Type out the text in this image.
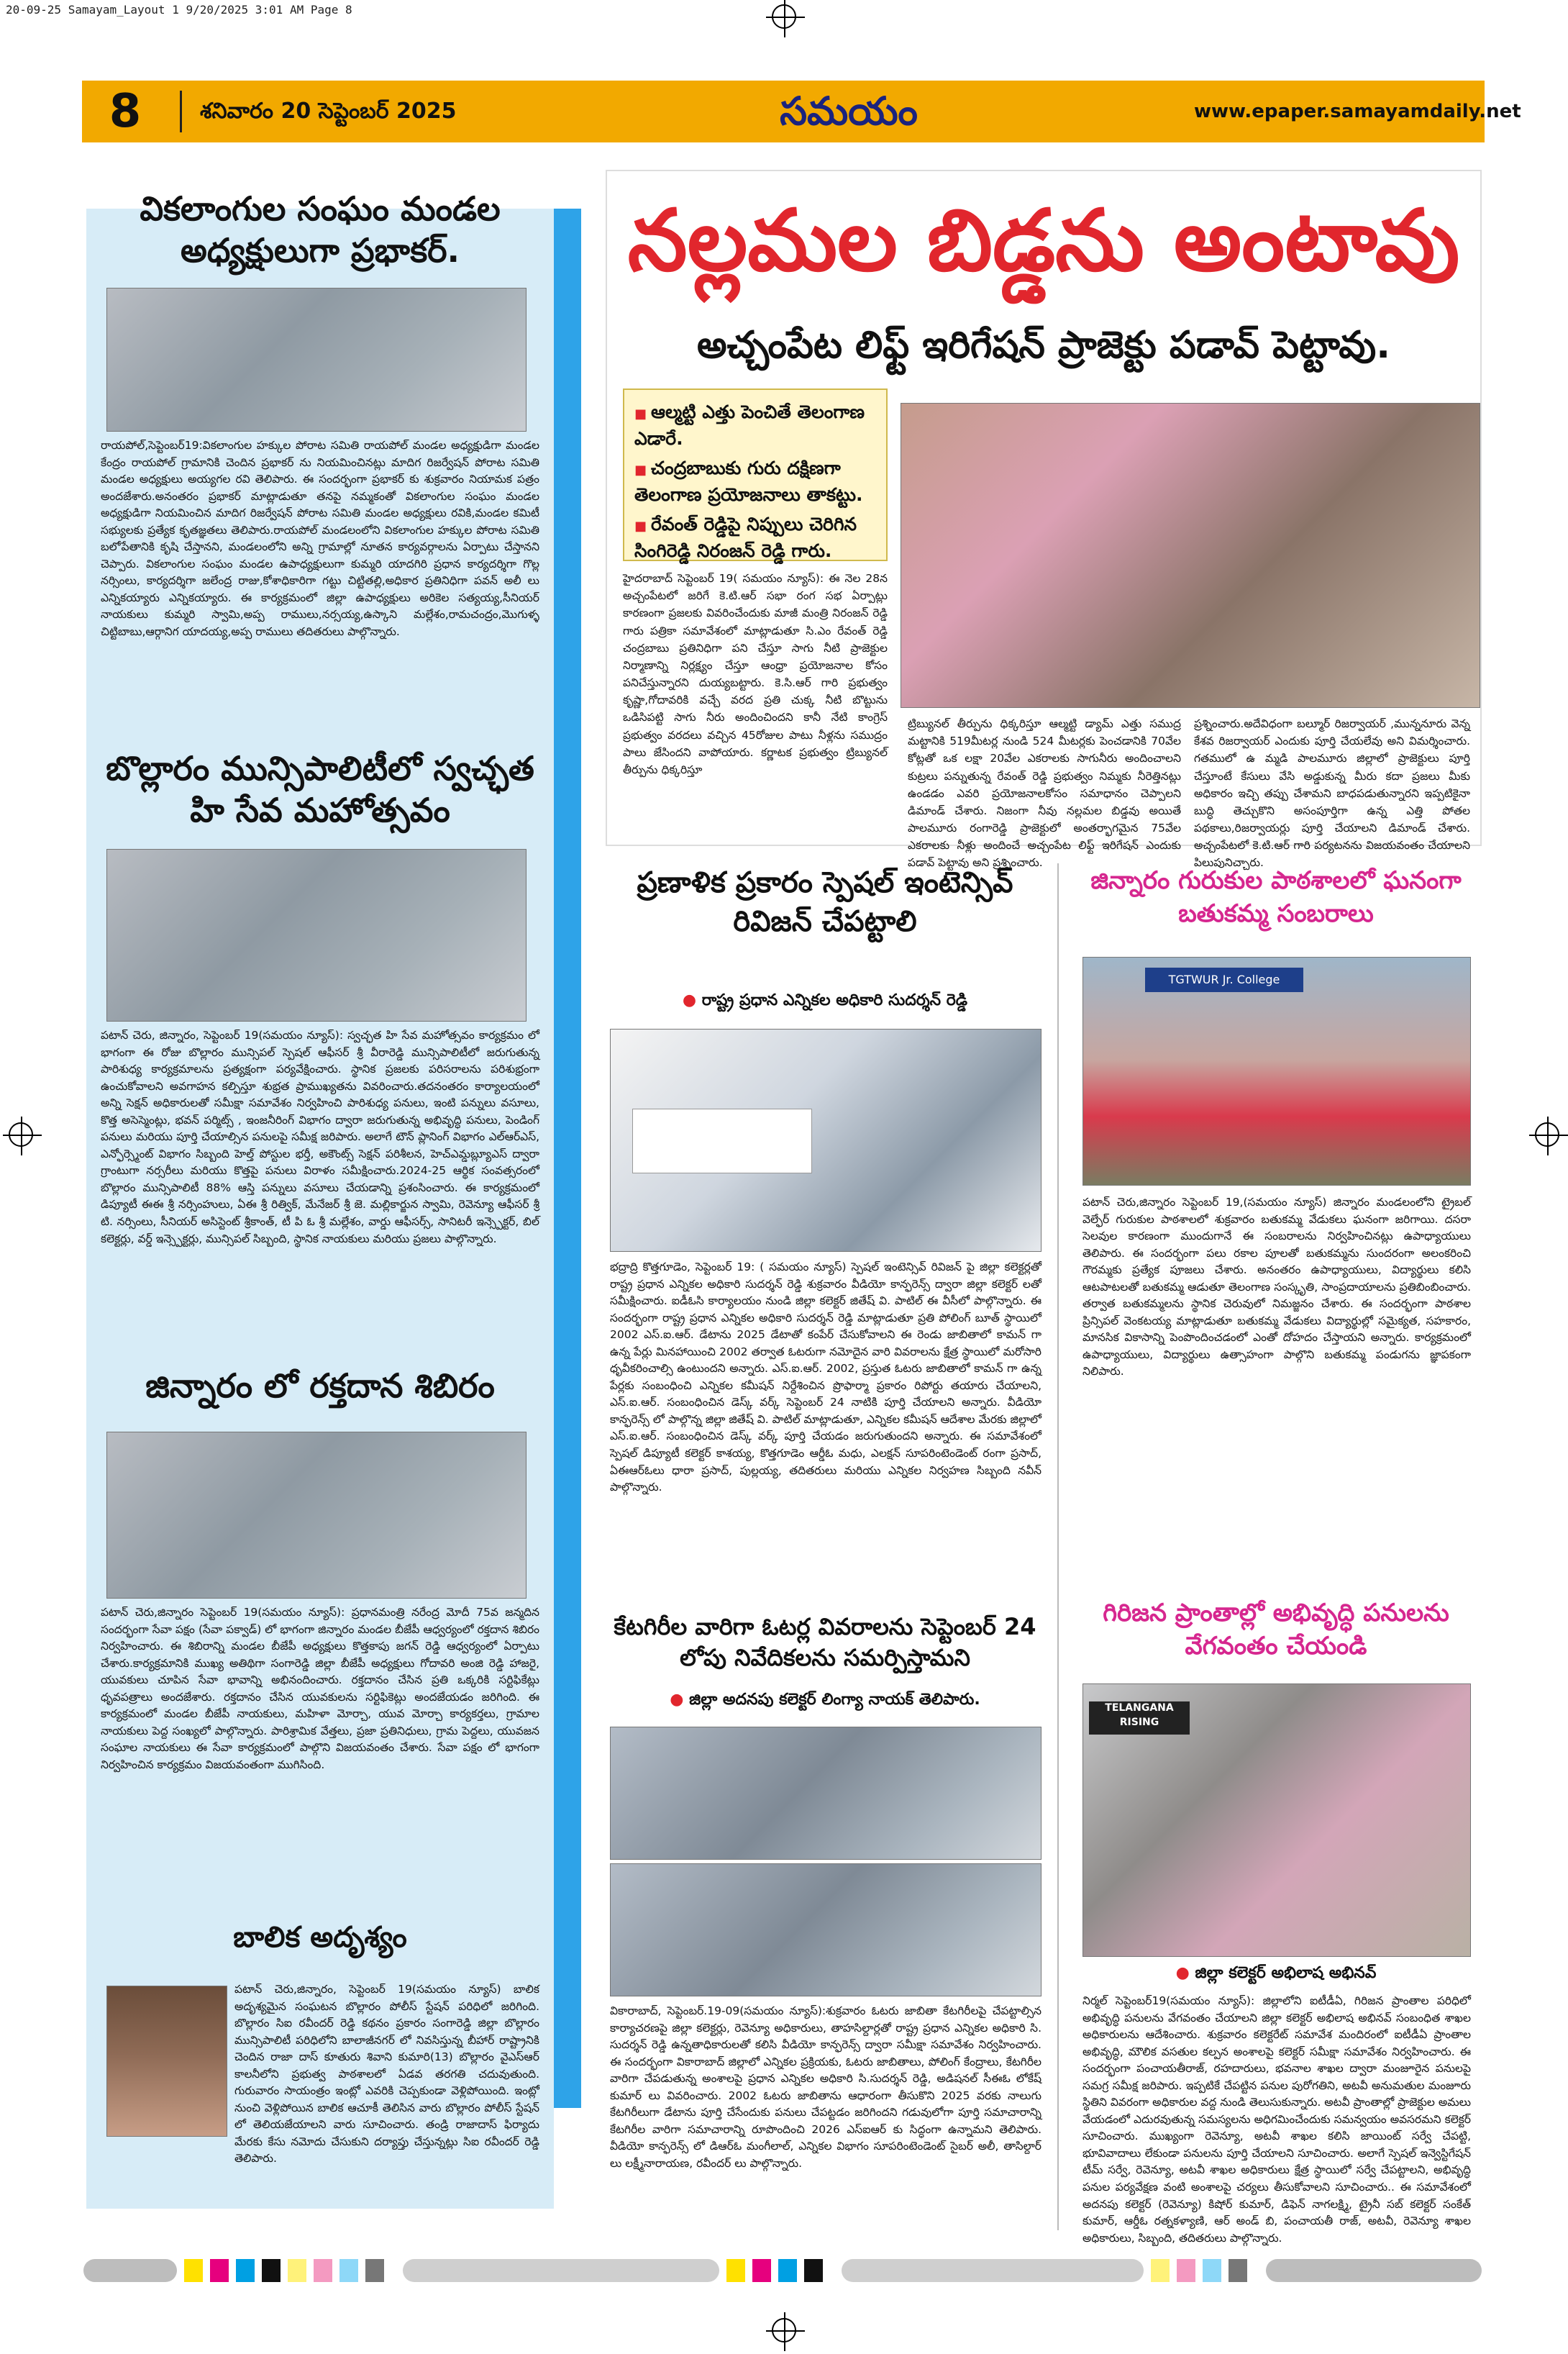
20-09-25 Samayam_Layout 1 9/20/2025 3:01 AM Page 8
8	శనివారం 20 సెప్టెంబర్ 2025	సమయం	www.epaper.samayamdaily.net
వికలాంగుల సంఘం మండల అధ్యక్షులుగా ప్రభాకర్.
రాయపోల్,సెప్టెంబర్19:వికలాంగుల హక్కుల పోరాట సమితి రాయపోల్ మండల అధ్యక్షుడిగా మండల కేంద్రం రాయపోల్ గ్రామానికి చెందిన ప్రభాకర్ ను నియమించినట్లు మాదిగ రిజర్వేషన్ పోరాట సమితి మండల అధ్యక్షులు అయ్యగల రవి తెలిపారు. ఈ సందర్భంగా ప్రభాకర్ కు శుక్రవారం నియామక పత్రం అందజేశారు.అనంతరం ప్రభాకర్ మాట్లాడుతూ తనపై నమ్మకంతో వికలాంగుల సంఘం మండల అధ్యక్షుడిగా నియమించిన మాదిగ రిజర్వేషన్ పోరాట సమితి మండల అధ్యక్షులు రవికి,మండల కమిటీ సభ్యులకు ప్రత్యేక కృతజ్ఞతలు తెలిపారు.రాయపోల్ మండలంలోని వికలాంగుల హక్కుల పోరాట సమితి బలోపేతానికి కృషి చేస్తానని, మండలంలోని అన్ని గ్రామాల్లో నూతన కార్యవర్గాలను ఏర్పాటు చేస్తానని చెప్పారు. వికలాంగుల సంఘం మండల ఉపాధ్యక్షులుగా కుమ్మరి యాదగిరి ప్రధాన కార్యదర్శిగా గొల్ల నర్సింలు, కార్యదర్శిగా జలేంద్ర రాజు,కోశాధికారిగా గట్టు చిట్టితల్లి,అధికార ప్రతినిధిగా పవన్ అలీ లు ఎన్నికయ్యారు ఎన్నికయ్యారు. ఈ కార్యక్రమంలో జిల్లా ఉపాధ్యక్షులు అరికెల సత్యయ్య,సీనియర్ నాయకులు కుమ్మరి స్వామి,అప్ప రాములు,నర్సయ్య,ఉస్కాని మల్లేశం,రామచంద్రం,మొగుళ్ళ చిట్టిబాబు,ఆర్గానిగ యాదయ్య,అప్ప రాములు తదితరులు పాల్గొన్నారు.
బొల్లారం మున్సిపాలిటీలో స్వచ్ఛత హి సేవ మహోత్సవం
పటాన్ చెరు, జిన్నారం, సెప్టెంబర్ 19(సమయం న్యూస్): స్వచ్ఛత హి సేవ మహోత్సవం కార్యక్రమం లో భాగంగా ఈ రోజు బొల్లారం మున్సిపల్ స్పెషల్ ఆఫీసర్ శ్రీ వీరారెడ్డి మున్సిపాలిటీలో జరుగుతున్న పారిశుధ్య కార్యక్రమాలను ప్రత్యక్షంగా పర్యవేక్షించారు. స్థానిక ప్రజలకు పరిసరాలను పరిశుభ్రంగా ఉంచుకోవాలని అవగాహన కల్పిస్తూ శుభ్రత ప్రాముఖ్యతను వివరించారు.తదనంతరం కార్యాలయంలో అన్ని సెక్షన్ అధికారులతో సమీక్షా సమావేశం నిర్వహించి పారిశుధ్య పనులు, ఇంటి పన్నులు వసూలు, కొత్త అసెస్మెంట్లు, భవన్ పర్మిట్స్ , ఇంజనీరింగ్ విభాగం ద్వారా జరుగుతున్న అభివృద్ధి పనులు, పెండింగ్ పనులు మరియు పూర్తి చేయాల్సిన పనులపై సమీక్ష జరిపారు. అలాగే టౌన్ ప్లానింగ్ విభాగం ఎల్ఆర్ఎస్, ఎన్ఫోర్స్మెంట్ విభాగం సిబ్బంది హెల్త్ పోస్టుల భర్తీ, అకౌంట్స్ సెక్షన్ పరిశీలన, హెచ్ఎమ్డబ్ల్యూఎస్ ద్వారా గ్రాంటుగా నర్సరీలు మరియు కొత్తపై పనులు విరాళం సమీక్షించారు.2024-25 ఆర్థిక సంవత్సరంలో బొల్లారం మున్సిపాలిటీ 88% ఆస్తి పన్నులు వసూలు చేయడాన్ని ప్రశంసించారు. ఈ కార్యక్రమంలో డిప్యూటీ ఈఈ శ్రీ నర్సింహులు, ఏఈ శ్రీ రిత్విక్, మేనేజర్ శ్రీ జె. మల్లికార్జున స్వామి, రెవెన్యూ ఆఫీసర్ శ్రీ టి. నర్సింలు, సీనియర్ అసిస్టెంట్ శ్రీకాంత్, టీ పి ఓ శ్రీ మల్లేశం, వార్డు ఆఫీసర్స్, సానిటరీ ఇన్స్పెక్టర్, బిల్ కలెక్టర్లు, వర్డ్ ఇన్స్పెక్టర్లు, మున్సిపల్ సిబ్బంది, స్థానిక నాయకులు మరియు ప్రజలు పాల్గొన్నారు.
జిన్నారం లో రక్తదాన శిబిరం
పటాన్ చెరు,జిన్నారం సెప్టెంబర్ 19(సమయం న్యూస్): ప్రధానమంత్రి నరేంద్ర మోదీ 75వ జన్మదిన సందర్భంగా సేవా పక్షం (సేవా పక్వాడ్) లో భాగంగా జిన్నారం మండల బీజేపీ ఆధ్వర్యంలో రక్తదాన శిబిరం నిర్వహించారు. ఈ శిబిరాన్ని మండల బీజేపీ అధ్యక్షులు కొత్తకాపు జగన్ రెడ్డి ఆధ్వర్యంలో ఏర్పాటు చేశారు.కార్యక్రమానికి ముఖ్య అతిథిగా సంగారెడ్డి జిల్లా బీజేపీ అధ్యక్షులు గోదావరి అంజి రెడ్డి హాజరై, యువకులు చూపిన సేవా భావాన్ని అభినందించారు. రక్తదానం చేసిన ప్రతి ఒక్కరికి సర్టిఫికేట్లు ధృవపత్రాలు అందజేశారు. రక్తదానం చేసిన యువకులను సర్టిఫికెట్లు అందజేయడం జరిగింది. ఈ కార్యక్రమంలో మండల బీజేపీ నాయకులు, మహిళా మోర్చా, యువ మోర్చా కార్యకర్తలు, గ్రామాల నాయకులు పెద్ద సంఖ్యలో పాల్గొన్నారు. పారిశ్రామిక వేత్తలు, ప్రజా ప్రతినిధులు, గ్రామ పెద్దలు, యువజన సంఘాల నాయకులు ఈ సేవా కార్యక్రమంలో పాల్గొని విజయవంతం చేశారు. సేవా పక్షం లో భాగంగా నిర్వహించిన కార్యక్రమం విజయవంతంగా ముగిసింది.
బాలిక అదృశ్యం
పటాన్ చెరు,జిన్నారం, సెప్టెంబర్ 19(సమయం న్యూస్) బాలిక అదృశ్యమైన సంఘటన బొల్లారం పోలీస్ స్టేషన్ పరిధిలో జరిగింది. బొల్లారం సిఐ రవీందర్ రెడ్డి కథనం ప్రకారం సంగారెడ్డి జిల్లా బొల్లారం మున్సిపాలిటీ పరిధిలోని బాలాజీనగర్ లో నివసిస్తున్న బీహార్ రాష్ట్రానికి చెందిన రాజా దాస్ కూతురు శివాని కుమారి(13) బొల్లారం వైఎస్ఆర్ కాలనీలోని ప్రభుత్వ పాఠశాలలో ఏడవ తరగతి చదువుతుంది. గురువారం సాయంత్రం ఇంట్లో ఎవరికి చెప్పకుండా వెళ్లిపోయింది. ఇంట్లో నుంచి వెళ్లిపోయిన బాలిక ఆచూకీ తెలిసిన వారు బొల్లారం పోలీస్ స్టేషన్ లో తెలియజేయాలని వారు సూచించారు. తండ్రి రాజాదాస్ ఫిర్యాదు మేరకు కేసు నమోదు చేసుకుని దర్యాప్తు చేస్తున్నట్లు సిఐ రవీందర్ రెడ్డి తెలిపారు.
నల్లమల బిడ్డను అంటావు
అచ్చంపేట లిఫ్ట్ ఇరిగేషన్ ప్రాజెక్టు పడావ్ పెట్టావు.
■ ఆల్మట్టి ఎత్తు పెంచితే తెలంగాణ ఎడారే.
■ చంద్రబాబుకు గురు దక్షిణగా తెలంగాణ ప్రయోజనాలు తాకట్టు.
■ రేవంత్ రెడ్డిపై నిప్పులు చెరిగిన సింగిరెడ్డి నిరంజన్ రెడ్డి గారు.
హైదరాబాద్ సెప్టెంబర్ 19( సమయం న్యూస్): ఈ నెల 28న అచ్చంపేటలో జరిగే కె.టి.ఆర్ సభా రంగ సభ ఏర్పాట్లు కారణంగా ప్రజలకు వివరించేందుకు మాజీ మంత్రి నిరంజన్ రెడ్డి గారు పత్రికా సమావేశంలో మాట్లాడుతూ సి.ఎం రేవంత్ రెడ్డి చంద్రబాబు ప్రతినిధిగా పని చేస్తూ సాగు నీటి ప్రాజెక్టుల నిర్మాణాన్ని నిర్లక్ష్యం చేస్తూ ఆంధ్రా ప్రయోజనాల కోసం పనిచేస్తున్నారని దుయ్యబట్టారు. కె.సి.ఆర్ గారి ప్రభుత్వం కృష్ణా,గోదావరికి వచ్చే వరద ప్రతి చుక్క నీటి బొట్టును ఒడిసిపట్టి సాగు నీరు అందించిందని కానీ నేటి కాంగ్రెస్ ప్రభుత్వం వరదలు వచ్చిన 45రోజుల పాటు నీళ్లను సముద్రం పాలు జేసిందని వాపోయారు. కర్ణాటక ప్రభుత్వం ట్రిబ్యునల్ తీర్పును ధిక్కరిస్తూ
ట్రిబ్యునల్ తీర్పును ధిక్కరిస్తూ ఆల్మట్టి డ్యామ్ ఎత్తు సముద్ర మట్టానికి 519మీటర్ల నుండి 524 మీటర్లకు పెంచడానికి 70వేల కోట్లతో ఒక లక్షా 20వేల ఎకరాలకు సాగునీరు అందించాలని కుట్రలు పన్నుతున్న రేవంత్ రెడ్డి ప్రభుత్వం నిమ్మకు నీరెత్తినట్లు ఉండడం ఎవరి ప్రయోజనాలకోసం సమాధానం చెప్పాలని డిమాండ్ చేశారు. నిజంగా నీవు నల్లమల బిడ్డవు అయితే పాలమూరు రంగారెడ్డి ప్రాజెక్టులో అంతర్భాగమైన 75వేల ఎకరాలకు నీళ్లు అందించే అచ్చంపేట లిఫ్ట్ ఇరిగేషన్ ఎందుకు పడావ్ పెట్టావు అని ప్రశ్నించారు.
ప్రశ్నించారు.అదేవిధంగా బల్మూర్ రిజర్వాయర్ ,మున్ననూరు వెన్న కేశవ రిజర్వాయర్ ఎందుకు పూర్తి చేయలేవు అని విమర్శించారు. గతములో ఉ మ్మడి పాలమూరు జిల్లాలో ప్రాజెక్టులు పూర్తి చేస్తూంటే కేసులు వేసి అడ్డుకున్న మీరు కదా ప్రజలు మీకు అధికారం ఇచ్చి తప్పు చేశామని బాధపడుతున్నారని ఇప్పటికైనా బుద్ధి తెచ్చుకొని అసంపూర్తిగా ఉన్న ఎత్తి పోతల పథకాలు,రిజర్వాయర్లు పూర్తి చేయాలని డిమాండ్ చేశారు. అచ్చంపేటలో కె.టి.ఆర్ గారి పర్యటనను విజయవంతం చేయాలని పిలుపునిచ్చారు.
ప్రణాళిక ప్రకారం స్పెషల్ ఇంటెన్సివ్ రివిజన్ చేపట్టాలి
● రాష్ట్ర ప్రధాన ఎన్నికల అధికారి సుదర్శన్ రెడ్డి
భద్రాద్రి కొత్తగూడెం, సెప్టెంబర్ 19: ( సమయం న్యూస్) స్పెషల్ ఇంటెన్సివ్ రివిజన్ పై జిల్లా కలెక్టర్లతో రాష్ట్ర ప్రధాన ఎన్నికల అధికారి సుదర్శన్ రెడ్డి శుక్రవారం వీడియో కాన్ఫరెన్స్ ద్వారా జిల్లా కలెక్టర్ లతో సమీక్షించారు. ఐడీఓసి కార్యాలయం నుండి జిల్లా కలెక్టర్ జితేష్ వి. పాటిల్ ఈ వీసీలో పాల్గొన్నారు. ఈ సందర్భంగా రాష్ట్ర ప్రధాన ఎన్నికల అధికారి సుదర్శన్ రెడ్డి మాట్లాడుతూ ప్రతి పోలింగ్ బూత్ స్థాయిలో 2002 ఎస్.ఐ.ఆర్. డేటాను 2025 డేటాతో కంపేర్ చేసుకోవాలని ఈ రెండు జాబితాలో కామన్ గా ఉన్న పేర్లు మినహాయించి 2002 తర్వాత ఓటరుగా నమోదైన వారి వివరాలను క్షేత్ర స్థాయిలో మరోసారి ధృవీకరించాల్సి ఉంటుందని అన్నారు. ఎస్.ఐ.ఆర్. 2002, ప్రస్తుత ఓటరు జాబితాలో కామన్ గా ఉన్న పేర్లకు సంబంధించి ఎన్నికల కమీషన్ నిర్దేశించిన ప్రొఫార్మా ప్రకారం రిపోర్టు తయారు చేయాలని, ఎస్.ఐ.ఆర్. సంబంధించిన డెస్క్ వర్క్ సెప్టెంబర్ 24 నాటికి పూర్తి చేయాలని అన్నారు. వీడియో కాన్ఫరెన్స్ లో పాల్గొన్న జిల్లా జితేష్ వి. పాటిల్ మాట్లాడుతూ, ఎన్నికల కమీషన్ ఆదేశాల మేరకు జిల్లాలో ఎస్.ఐ.ఆర్. సంబంధించిన డెస్క్ వర్క్ పూర్తి చేయడం జరుగుతుందని అన్నారు. ఈ సమావేశంలో స్పెషల్ డిప్యూటీ కలెక్టర్ కాశయ్య, కొత్తగూడెం ఆర్డీఓ మధు, ఎలక్షన్ సూపరింటెండెంట్ రంగా ప్రసాద్, ఏఈఆర్ఓలు ధారా ప్రసాద్, పుల్లయ్య, తదితరులు మరియు ఎన్నికల నిర్వహణ సిబ్బంది నవీన్ పాల్గొన్నారు.
కేటగిరీల వారిగా ఓటర్ల వివరాలను సెప్టెంబర్ 24 లోపు నివేదికలను సమర్పిస్తామని
● జిల్లా అదనపు కలెక్టర్ లింగ్యా నాయక్ తెలిపారు.
వికారాబాద్, సెప్టెంబర్.19-09(సమయం న్యూస్):శుక్రవారం ఓటరు జాబితా కేటగిరీలపై చేపట్టాల్సిన కార్యాచరణపై జిల్లా కలెక్టర్లు, రెవెన్యూ అధికారులు, తాహసిల్దార్లతో రాష్ట్ర ప్రధాన ఎన్నికల అధికారి సి. సుదర్శన్ రెడ్డి ఉన్నతాధికారులతో కలిసి వీడియో కాన్ఫరెన్స్ ద్వారా సమీక్షా సమావేశం నిర్వహించారు. ఈ సందర్భంగా వికారాబాద్ జిల్లాలో ఎన్నికల ప్రక్రియకు, ఓటరు జాబితాలు, పోలింగ్ కేంద్రాలు, కేటగిరీల వారిగా చేపడుతున్న అంశాలపై ప్రధాన ఎన్నికల అధికారి సి.సుదర్శన్ రెడ్డి, అడిషనల్ సీఈఓ లోకేష్ కుమార్ లు వివరించారు. 2002 ఓటరు జాబితాను ఆధారంగా తీసుకొని 2025 వరకు నాలుగు కేటగిరీలుగా డేటాను పూర్తి చేసేందుకు పనులు చేపట్టడం జరిగిందని గడువులోగా పూర్తి సమాచారాన్ని కేటగిరీల వారిగా సమాచారాన్ని రూపొందించి 2026 ఎస్ఐఆర్ కు సిద్ధంగా ఉన్నామని తెలిపారు. వీడియో కాన్ఫరెన్స్ లో డిఆర్ఓ మంగీలాల్, ఎన్నికల విభాగం సూపరింటెండెంట్ సైబర్ అలీ, తాసిల్దార్ లు లక్ష్మీనారాయణ, రవీందర్ లు పాల్గొన్నారు.
జిన్నారం గురుకుల పాఠశాలలో ఘనంగా బతుకమ్మ సంబరాలు
TGTWUR Jr. College
పటాన్ చెరు,జిన్నారం సెప్టెంబర్ 19,(సమయం న్యూస్) జిన్నారం మండలంలోని ట్రైబల్ వెల్ఫేర్ గురుకుల పాఠశాలలో శుక్రవారం బతుకమ్మ వేడుకలు ఘనంగా జరిగాయి. దసరా సెలవుల కారణంగా ముందుగానే ఈ సంబరాలను నిర్వహించినట్లు ఉపాధ్యాయులు తెలిపారు. ఈ సందర్భంగా పలు రకాల పూలతో బతుకమ్మను సుందరంగా అలంకరించి గౌరమ్మకు ప్రత్యేక పూజలు చేశారు. అనంతరం ఉపాధ్యాయులు, విద్యార్థులు కలిసి ఆటపాటలతో బతుకమ్మ ఆడుతూ తెలంగాణ సంస్కృతి, సాంప్రదాయాలను ప్రతిబింబించారు. తర్వాత బతుకమ్మలను స్థానిక చెరువులో నిమజ్జనం చేశారు. ఈ సందర్భంగా పాఠశాల ప్రిన్సిపల్ వెంకటయ్య మాట్లాడుతూ బతుకమ్మ వేడుకలు విద్యార్థుల్లో సమైక్యత, సహకారం, మానసిక వికాసాన్ని పెంపొందించడంలో ఎంతో దోహదం చేస్తాయని అన్నారు. కార్యక్రమంలో ఉపాధ్యాయులు, విద్యార్థులు ఉత్సాహంగా పాల్గొని బతుకమ్మ పండుగను జ్ఞాపకంగా నిలిపారు.
గిరిజన ప్రాంతాల్లో అభివృద్ధి పనులను వేగవంతం చేయండి
TELANGANA RISING
● జిల్లా కలెక్టర్ అభిలాష అభినవ్
నిర్మల్ సెప్టెంబర్19(సమయం న్యూస్): జిల్లాలోని ఐటీడీఏ, గిరిజన ప్రాంతాల పరిధిలో అభివృద్ధి పనులను వేగవంతం చేయాలని జిల్లా కలెక్టర్ అభిలాష అభినవ్ సంబంధిత శాఖల అధికారులను ఆదేశించారు. శుక్రవారం కలెక్టరేట్ సమావేశ మందిరంలో ఐటీడీఏ ప్రాంతాల అభివృద్ధి, మౌలిక వసతుల కల్పన అంశాలపై కలెక్టర్ సమీక్షా సమావేశం నిర్వహించారు. ఈ సందర్భంగా పంచాయతీరాజ్, రహదారులు, భవనాల శాఖల ద్వారా మంజూరైన పనులపై సమగ్ర సమీక్ష జరిపారు. ఇప్పటికే చేపట్టిన పనుల పురోగతిని, అటవీ అనుమతుల మంజూరు స్థితిని వివరంగా అధికారుల వద్ద నుండి తెలుసుకున్నారు. అటవీ ప్రాంతాల్లో ప్రాజెక్టుల అమలు వేయడంలో ఎదురవుతున్న సమస్యలను అధిగమించేందుకు సమన్వయం అవసరమని కలెక్టర్ సూచించారు. ముఖ్యంగా రెవెన్యూ, అటవీ శాఖల కలిసి జాయింట్ సర్వే చేపట్టి, భూవివాదాలు లేకుండా పనులను పూర్తి చేయాలని సూచించారు. అలాగే స్పెషల్ ఇన్వెస్టిగేషన్ టీమ్ సర్వే, రెవెన్యూ, అటవీ శాఖల అధికారులు క్షేత్ర స్థాయిలో సర్వే చేపట్టాలని, అభివృద్ధి పనుల పర్యవేక్షణ వంటి అంశాలపై చర్యలు తీసుకోవాలని సూచించారు.. ఈ సమావేశంలో అదనపు కలెక్టర్ (రెవెన్యూ) కిషోర్ కుమార్, డిఫెన్ నాగలక్ష్మి, ట్రైనీ సబ్ కలెక్టర్ సంకేత్ కుమార్, ఆర్డీఓ రత్నకళ్యాణి, ఆర్ అండ్ బి, పంచాయతీ రాజ్, అటవీ, రెవెన్యూ శాఖల అధికారులు, సిబ్బంది, తదితరులు పాల్గొన్నారు.
